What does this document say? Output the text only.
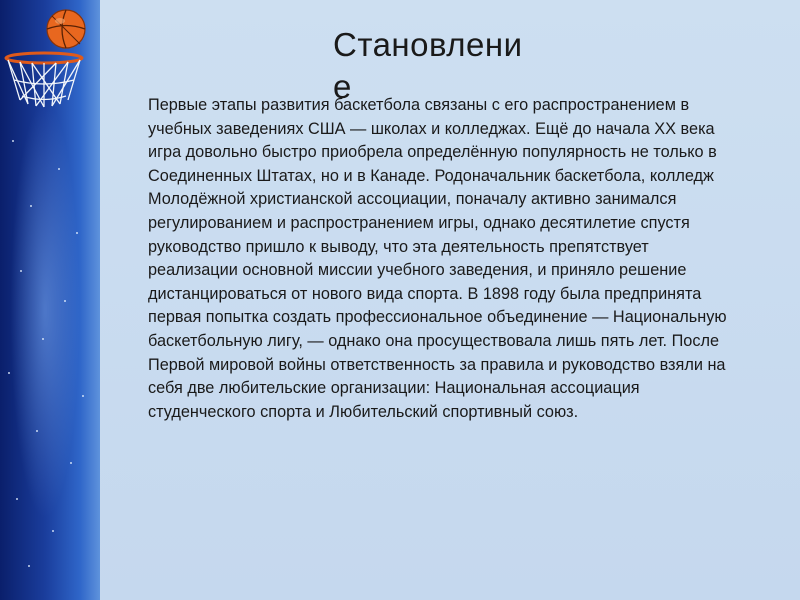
Становление
Первые этапы развития баскетбола связаны с его распространением в учебных заведениях США — школах и колледжах. Ещё до начала XX века игра довольно быстро приобрела определённую популярность не только в Соединенных Штатах, но и в Канаде. Родоначальник баскетбола, колледж Молодёжной христианской ассоциации, поначалу активно занимался регулированием и распространением игры, однако десятилетие спустя руководство пришло к выводу, что эта деятельность препятствует реализации основной миссии учебного заведения, и приняло решение дистанцироваться от нового вида спорта. В 1898 году была предпринята первая попытка создать профессиональное объединение — Национальную баскетбольную лигу, — однако она просуществовала лишь пять лет. После Первой мировой войны ответственность за правила и руководство взяли на себя две любительские организации: Национальная ассоциация студенческого спорта и Любительский спортивный союз.
